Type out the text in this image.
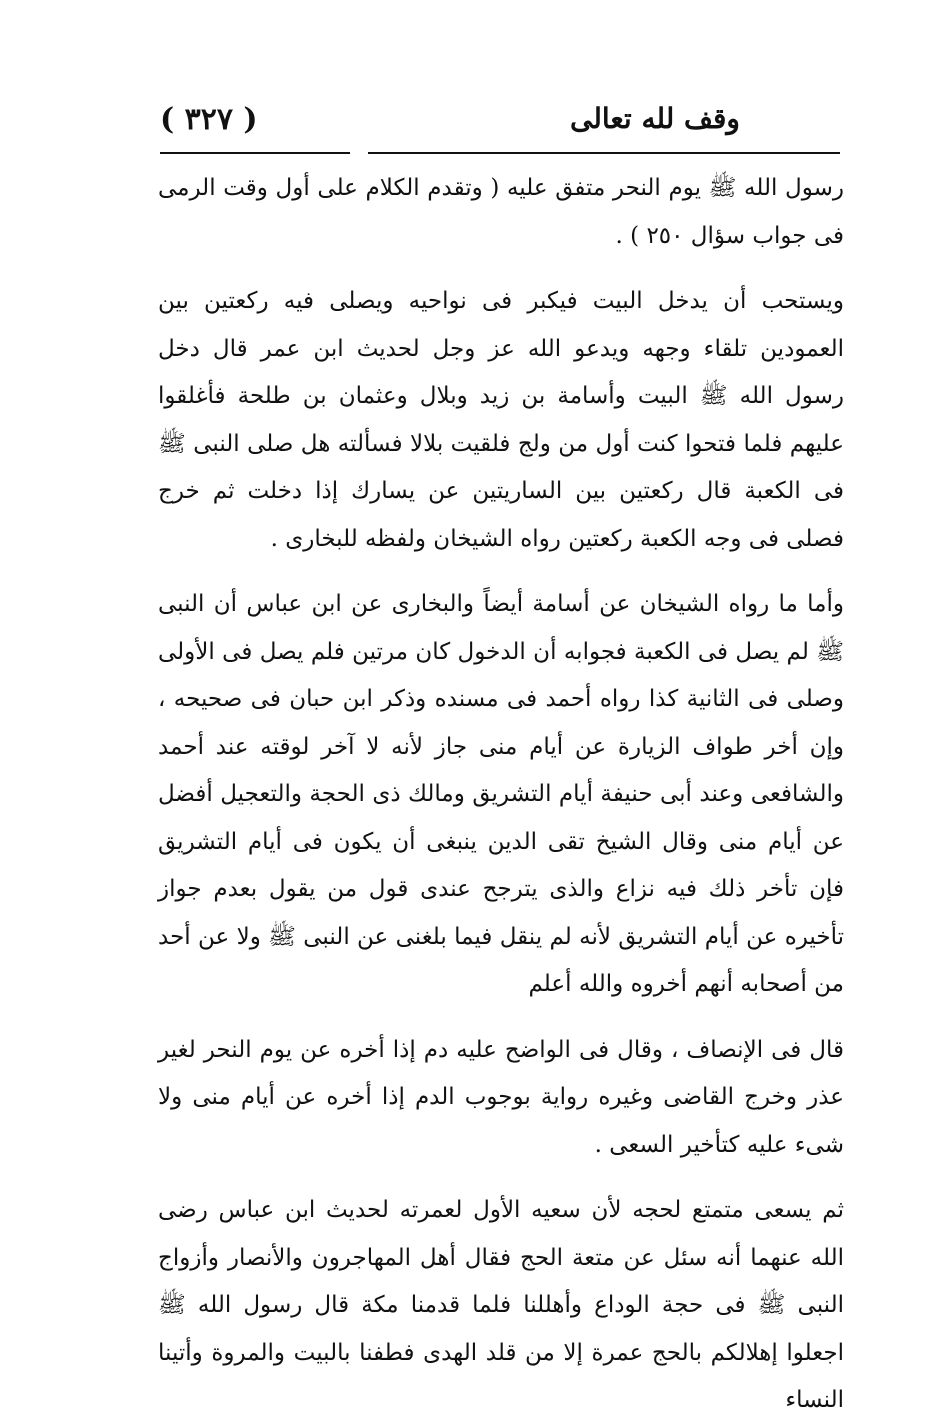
( ٣٢٧ )	وقف لله تعالى

رسول الله ﷺ يوم النحر متفق عليه ( وتقدم الكلام على أول وقت الرمى فى جواب سؤال ٢٥٠ ) .

ويستحب أن يدخل البيت فيكبر فى نواحيه ويصلى فيه ركعتين بين العمودين تلقاء وجهه ويدعو الله عز وجل لحديث ابن عمر قال دخل رسول الله ﷺ البيت وأسامة بن زيد وبلال وعثمان بن طلحة فأغلقوا عليهم فلما فتحوا كنت أول من ولج فلقيت بلالا فسألته هل صلى النبى ﷺ فى الكعبة قال ركعتين بين الساريتين عن يسارك إذا دخلت ثم خرج فصلى فى وجه الكعبة ركعتين رواه الشيخان ولفظه للبخارى .

وأما ما رواه الشيخان عن أسامة أيضاً والبخارى عن ابن عباس أن النبى ﷺ لم يصل فى الكعبة فجوابه أن الدخول كان مرتين فلم يصل فى الأولى وصلى فى الثانية كذا رواه أحمد فى مسنده وذكر ابن حبان فى صحيحه ، وإن أخر طواف الزيارة عن أيام منى جاز لأنه لا آخر لوقته عند أحمد والشافعى وعند أبى حنيفة أيام التشريق ومالك ذى الحجة والتعجيل أفضل عن أيام منى وقال الشيخ تقى الدين ينبغى أن يكون فى أيام التشريق فإن تأخر ذلك فيه نزاع والذى يترجح عندى قول من يقول بعدم جواز تأخيره عن أيام التشريق لأنه لم ينقل فيما بلغنى عن النبى ﷺ ولا عن أحد من أصحابه أنهم أخروه والله أعلم

قال فى الإنصاف ، وقال فى الواضح عليه دم إذا أخره عن يوم النحر لغير عذر وخرج القاضى وغيره رواية بوجوب الدم إذا أخره عن أيام منى ولا شىء عليه كتأخير السعى .

ثم يسعى متمتع لحجه لأن سعيه الأول لعمرته لحديث ابن عباس رضى الله عنهما أنه سئل عن متعة الحج فقال أهل المهاجرون والأنصار وأزواج النبى ﷺ فى حجة الوداع وأهللنا فلما قدمنا مكة قال رسول الله ﷺ اجعلوا إهلالكم بالحج عمرة إلا من قلد الهدى فطفنا بالبيت والمروة وأتينا النساء
